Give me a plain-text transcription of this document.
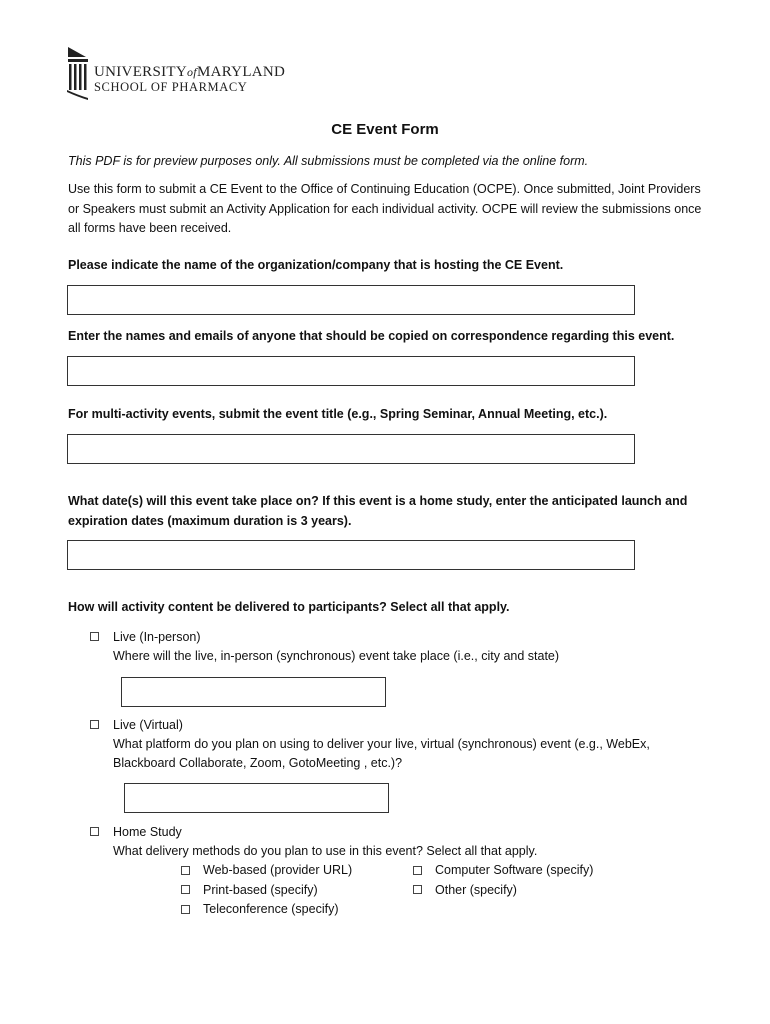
UNIVERSITYofMARYLAND
SCHOOL OF PHARMACY
CE Event Form
This PDF is for preview purposes only. All submissions must be completed via the online form.
Use this form to submit a CE Event to the Office of Continuing Education (OCPE). Once submitted, Joint Providers or Speakers must submit an Activity Application for each individual activity. OCPE will review the submissions once all forms have been received.
Please indicate the name of the organization/company that is hosting the CE Event.
Enter the names and emails of anyone that should be copied on correspondence regarding this event.
For multi-activity events, submit the event title (e.g., Spring Seminar, Annual Meeting, etc.).
What date(s) will this event take place on? If this event is a home study, enter the anticipated launch and expiration dates (maximum duration is 3 years).
How will activity content be delivered to participants? Select all that apply.
Live (In-person)
Where will the live, in-person (synchronous) event take place (i.e., city and state)
Live (Virtual)
What platform do you plan on using to deliver your live, virtual (synchronous) event (e.g., WebEx,
Blackboard Collaborate, Zoom, GotoMeeting , etc.)?
Home Study
What delivery methods do you plan to use in this event? Select all that apply.
Web-based (provider URL)
Print-based (specify)
Teleconference (specify)
Computer Software (specify)
Other (specify)
